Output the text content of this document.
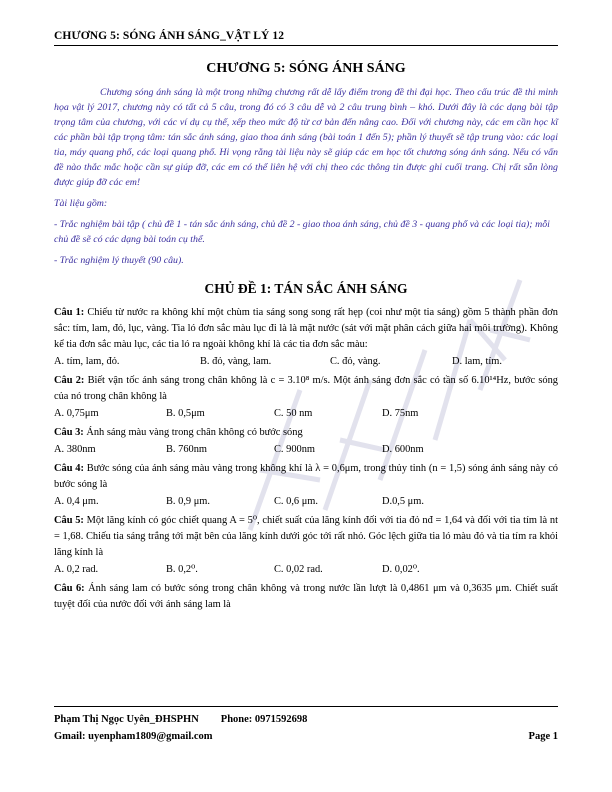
CHƯƠNG 5: SÓNG ÁNH SÁNG_VẬT LÝ 12
CHƯƠNG 5: SÓNG ÁNH SÁNG
Chương sóng ánh sáng là một trong những chương rất dễ lấy điểm trong đề thi đại học. Theo cấu trúc đề thi minh họa vật lý 2017, chương này có tất cả 5 câu, trong đó có 3 câu dễ và 2 câu trung bình – khó. Dưới đây là các dạng bài tập trọng tâm của chương, với các ví dụ cụ thể, xếp theo mức độ từ cơ bản đến nâng cao. Đối với chương này, các em cần học kĩ các phần bài tập trọng tâm: tán sắc ánh sáng, giao thoa ánh sáng (bài toán 1 đến 5); phần lý thuyết sẽ tập trung vào: các loại tia, máy quang phổ, các loại quang phổ. Hi vọng rằng tài liệu này sẽ giúp các em học tốt chương sóng ánh sáng. Nếu có vấn đề nào thắc mắc hoặc cần sự giúp đỡ, các em có thể liên hệ với chị theo các thông tin được ghi cuối trang. Chị rất sẵn lòng được giúp đỡ các em!
Tài liệu gồm:
- Trắc nghiệm bài tập ( chủ đề 1 - tán sắc ánh sáng, chủ đề 2 - giao thoa ánh sáng, chủ đề 3 - quang phổ và các loại tia); mỗi chủ đề sẽ có các dạng bài toán cụ thể.
- Trắc nghiệm lý thuyết (90 câu).
CHỦ ĐỀ 1: TÁN SẮC ÁNH SÁNG
Câu 1: Chiếu từ nước ra không khí một chùm tia sáng song song rất hẹp (coi như một tia sáng) gồm 5 thành phần đơn sắc: tím, lam, đỏ, lục, vàng. Tia ló đơn sắc màu lục đi là là mặt nước (sát với mặt phân cách giữa hai môi trường). Không kể tia đơn sắc màu lục, các tia ló ra ngoài không khí là các tia đơn sắc màu:
A. tím, lam, đỏ.	B. đỏ, vàng, lam.	C. đỏ, vàng.	D. lam, tím.
Câu 2: Biết vận tốc ánh sáng trong chân không là c = 3.10⁸ m/s. Một ánh sáng đơn sắc có tần số 6.10¹⁴Hz, bước sóng của nó trong chân không là
A. 0,75μm	B. 0,5μm	C. 50 nm	D. 75nm
Câu 3: Ánh sáng màu vàng trong chân không có bước sóng
A. 380nm	B. 760nm	C. 900nm	D. 600nm
Câu 4: Bước sóng của ánh sáng màu vàng trong không khí là λ = 0,6μm, trong thủy tinh (n = 1,5) sóng ánh sáng này có bước sóng là
A. 0,4 μm.	B. 0,9 μm.	C. 0,6 μm.	D.0,5 μm.
Câu 5: Một lăng kính có góc chiết quang A = 5⁰, chiết suất của lăng kính đối với tia đỏ nđ = 1,64 và đối với tia tím là nt = 1,68. Chiếu tia sáng trắng tới mặt bên của lăng kính dưới góc tới rất nhỏ. Góc lệch giữa tia ló màu đỏ và tia tím ra khỏi lăng kính là
A. 0,2 rad.	B. 0,2⁰.	C. 0,02 rad.	D. 0,02⁰.
Câu 6: Ánh sáng lam có bước sóng trong chân không và trong nước lần lượt là 0,4861 μm và 0,3635 μm. Chiết suất tuyệt đối của nước đối với ánh sáng lam là
Phạm Thị Ngọc Uyên_ĐHSPHN Phone: 0971592698
Gmail: uyenpham1809@gmail.com	Page 1
